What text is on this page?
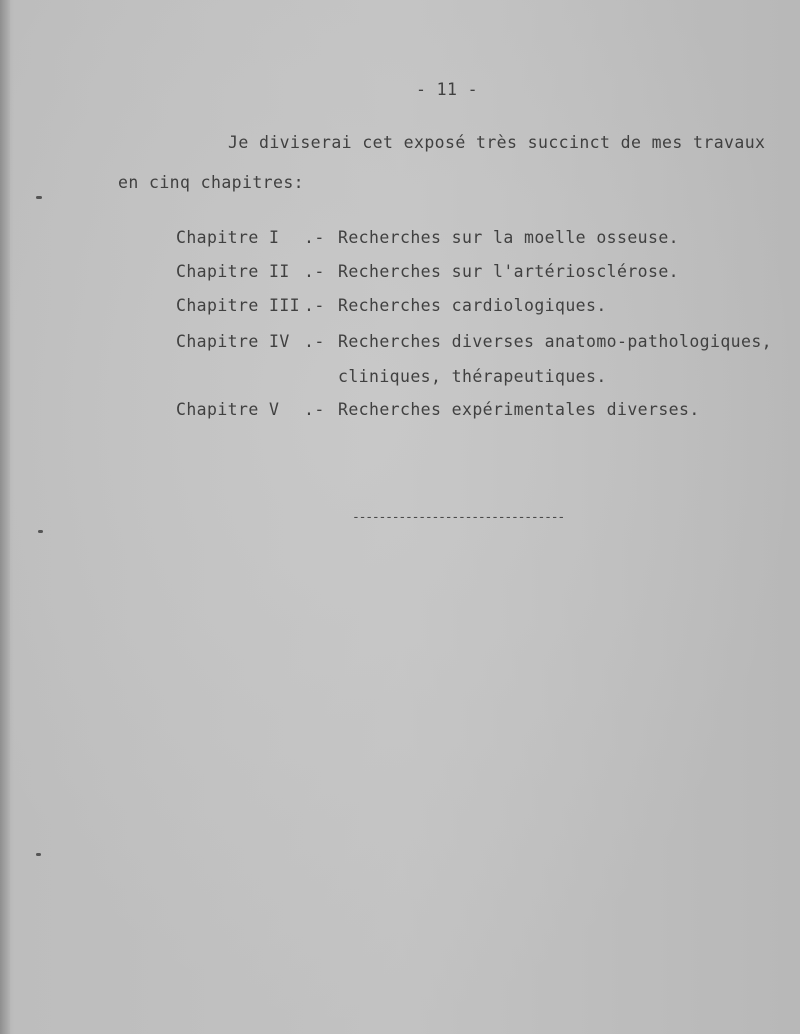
- 11 -
Je diviserai cet exposé très succinct de mes travaux
en cinq chapitres:
Chapitre I .- Recherches sur la moelle osseuse.
Chapitre II .- Recherches sur l'artériosclérose.
Chapitre III .- Recherches cardiologiques.
Chapitre IV .- Recherches diverses anatomo-pathologiques,
cliniques, thérapeutiques.
Chapitre V .- Recherches expérimentales diverses.
--------------------------------
